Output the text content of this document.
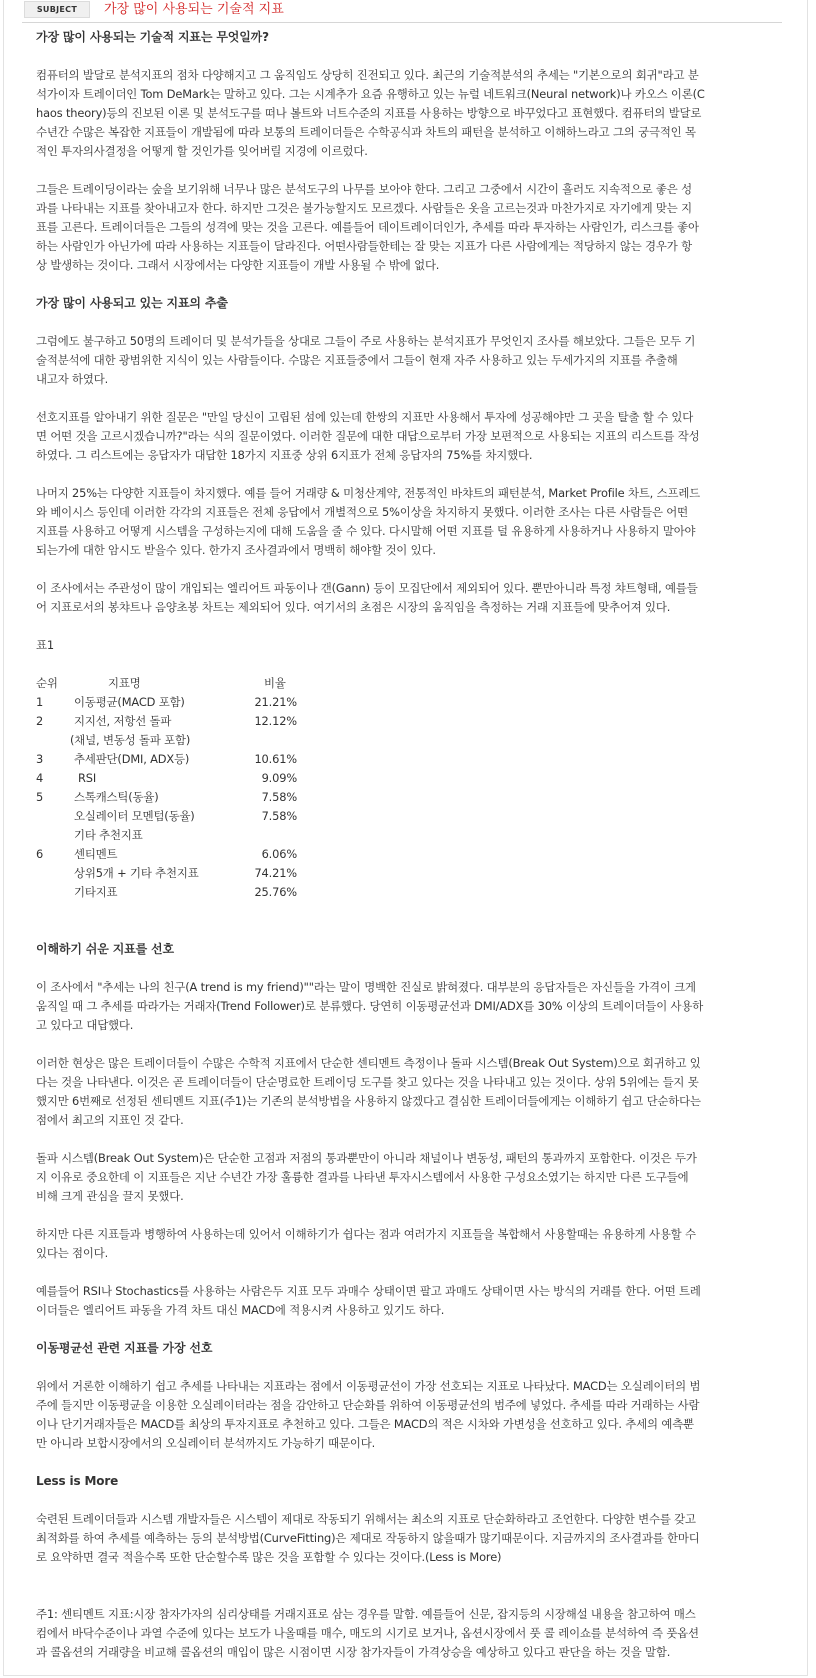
SUBJECT	가장 많이 사용되는 기술적 지표

가장 많이 사용되는 기술적 지표는 무엇일까?

컴퓨터의 발달로 분석지표의 점차 다양해지고 그 움직임도 상당히 진전되고 있다. 최근의 기술적분석의 추세는 "기본으로의 회귀"라고 분

석가이자 트레이더인 Tom DeMark는 말하고 있다. 그는 시계추가 요즘 유행하고 있는 뉴럴 네트워크(Neural network)나 카오스 이론(C

haos theory)등의 진보된 이론 및 분석도구를 떠나 볼트와 너트수준의 지표를 사용하는 방향으로 바꾸었다고 표현했다. 컴퓨터의 발달로

수년간 수많은 복잡한 지표들이 개발됨에 따라 보통의 트레이더들은 수학공식과 차트의 패턴을 분석하고 이해하느라고 그의 궁극적인 목

적인 투자의사결정을 어떻게 할 것인가를 잊어버릴 지경에 이르렀다.

그들은 트레이딩이라는 숲을 보기위해 너무나 많은 분석도구의 나무를 보아야 한다. 그리고 그중에서 시간이 흘러도 지속적으로 좋은 성

과를 나타내는 지표를 찾아내고자 한다. 하지만 그것은 불가능할지도 모르겠다. 사람들은 옷을 고르는것과 마찬가지로 자기에게 맞는 지

표를 고른다. 트레이더들은 그들의 성격에 맞는 것을 고른다. 예를들어 데이트레이더인가, 추세를 따라 투자하는 사람인가, 리스크를 좋아

하는 사람인가 아닌가에 따라 사용하는 지표들이 달라진다. 어떤사람들한테는 잘 맞는 지표가 다른 사람에게는 적당하지 않는 경우가 항

상 발생하는 것이다. 그래서 시장에서는 다양한 지표들이 개발 사용될 수 밖에 없다.

가장 많이 사용되고 있는 지표의 추출

그럼에도 불구하고 50명의 트레이더 및 분석가들을 상대로 그들이 주로 사용하는 분석지표가 무엇인지 조사를 해보았다. 그들은 모두 기

술적분석에 대한 광범위한 지식이 있는 사람들이다. 수많은 지표들중에서 그들이 현재 자주 사용하고 있는 두세가지의 지표를 추출해

내고자 하였다.

선호지표를 알아내기 위한 질문은 "만일 당신이 고립된 섬에 있는데 한쌍의 지표만 사용해서 투자에 성공해야만 그 곳을 탈출 할 수 있다

면 어떤 것을 고르시겠습니까?"라는 식의 질문이였다. 이러한 질문에 대한 대답으로부터 가장 보편적으로 사용되는 지표의 리스트를 작성

하였다. 그 리스트에는 응답자가 대답한 18가지 지표중 상위 6지표가 전체 응답자의 75%를 차지했다.

나머지 25%는 다양한 지표들이 차지했다. 예를 들어 거래량 & 미청산계약, 전통적인 바챠트의 패턴분석, Market Profile 차트, 스프레드

와 베이시스 등인데 이러한 각각의 지표들은 전체 응답에서 개별적으로 5%이상을 차지하지 못했다. 이러한 조사는 다른 사람들은 어떤

지표를 사용하고 어떻게 시스템을 구성하는지에 대해 도움을 줄 수 있다. 다시말해 어떤 지표를 덜 유용하게 사용하거나 사용하지 말아야

되는가에 대한 암시도 받을수 있다. 한가지 조사결과에서 명백히 해야할 것이 있다.

이 조사에서는 주관성이 많이 개입되는 엘리어트 파동이나 갠(Gann) 등이 모집단에서 제외되어 있다. 뿐만아니라 특정 챠트형태, 예를들

어 지표로서의 봉챠트나 음양초봉 차트는 제외되어 있다. 여기서의 초점은 시장의 움직임을 측정하는 거래 지표들에 맞추어져 있다.

표1

순위	지표명	비율
1	이동평균(MACD 포함)	21.21%
2	지지선, 저항선 돌파	12.12%
(채널, 변동성 돌파 포함)
3	추세판단(DMI, ADX등)	10.61%
4	RSI	9.09%
5	스톡캐스틱(동율)	7.58%
오실레이터 모멘텀(동율)	7.58%
기타 추천지표
6	센티멘트	6.06%
상위5개 + 기타 추천지표	74.21%
기타지표	25.76%

이해하기 쉬운 지표를 선호

이 조사에서 "추세는 나의 친구(A trend is my friend)""라는 말이 명백한 진실로 밝혀졌다. 대부분의 응답자들은 자신들을 가격이 크게

움직일 때 그 추세를 따라가는 거래자(Trend Follower)로 분류했다. 당연히 이동평균선과 DMI/ADX를 30% 이상의 트레이더들이 사용하

고 있다고 대답했다.

이러한 현상은 많은 트레이더들이 수많은 수학적 지표에서 단순한 센티멘트 측정이나 돌파 시스템(Break Out System)으로 회귀하고 있

다는 것을 나타낸다. 이것은 곧 트레이더들이 단순명료한 트레이딩 도구를 찾고 있다는 것을 나타내고 있는 것이다. 상위 5위에는 들지 못

했지만 6번째로 선정된 센티멘트 지표(주1)는 기존의 분석방법을 사용하지 않겠다고 결심한 트레이더들에게는 이해하기 쉽고 단순하다는

점에서 최고의 지표인 것 같다.

돌파 시스템(Break Out System)은 단순한 고점과 저점의 통과뿐만이 아니라 채널이나 변동성, 패턴의 통과까지 포함한다. 이것은 두가

지 이유로 중요한데 이 지표들은 지난 수년간 가장 훌륭한 결과를 나타낸 투자시스템에서 사용한 구성요소였기는 하지만 다른 도구들에

비해 크게 관심을 끌지 못했다.

하지만 다른 지표들과 병행하여 사용하는데 있어서 이해하기가 쉽다는 점과 여러가지 지표들을 복합해서 사용할때는 유용하게 사용할 수

있다는 점이다.

예를들어 RSI나 Stochastics를 사용하는 사람은두 지표 모두 과매수 상태이면 팔고 과매도 상태이면 사는 방식의 거래를 한다. 어떤 트레

이더들은 엘리어트 파동을 가격 차트 대신 MACD에 적용시켜 사용하고 있기도 하다.

이동평균선 관련 지표를 가장 선호

위에서 거론한 이해하기 쉽고 추세를 나타내는 지표라는 점에서 이동평균선이 가장 선호되는 지표로 나타났다. MACD는 오실레이터의 범

주에 들지만 이동평균을 이용한 오실레이터라는 점을 감안하고 단순화를 위하여 이동평균선의 범주에 넣었다. 추세를 따라 거래하는 사람

이나 단기거래자들은 MACD를 최상의 투자지표로 추천하고 있다. 그들은 MACD의 적은 시차와 가변성을 선호하고 있다. 추세의 예측뿐

만 아니라 보합시장에서의 오실레이터 분석까지도 가능하기 때문이다.

Less is More

숙련된 트레이더들과 시스템 개발자들은 시스템이 제대로 작동되기 위해서는 최소의 지표로 단순화하라고 조언한다. 다양한 변수를 갖고

최적화를 하여 추세를 예측하는 등의 분석방법(CurveFitting)은 제대로 작동하지 않을때가 많기때문이다. 지금까지의 조사결과를 한마디

로 요약하면 결국 적을수록 또한 단순할수록 많은 것을 포함할 수 있다는 것이다.(Less is More)

주1: 센티멘트 지표:시장 참자가자의 심리상태를 거래지표로 삼는 경우를 말함. 예를들어 신문, 잡지등의 시장해설 내용을 참고하여 매스

컴에서 바닥수준이나 과열 수준에 있다는 보도가 나올때를 매수, 매도의 시기로 보거나, 옵션시장에서 풋 콜 레이쇼를 분석하여 즉 풋옵션

과 콜옵션의 거래량을 비교해 콜옵션의 매입이 많은 시점이면 시장 참가자들이 가격상승을 예상하고 있다고 판단을 하는 것을 말함.
